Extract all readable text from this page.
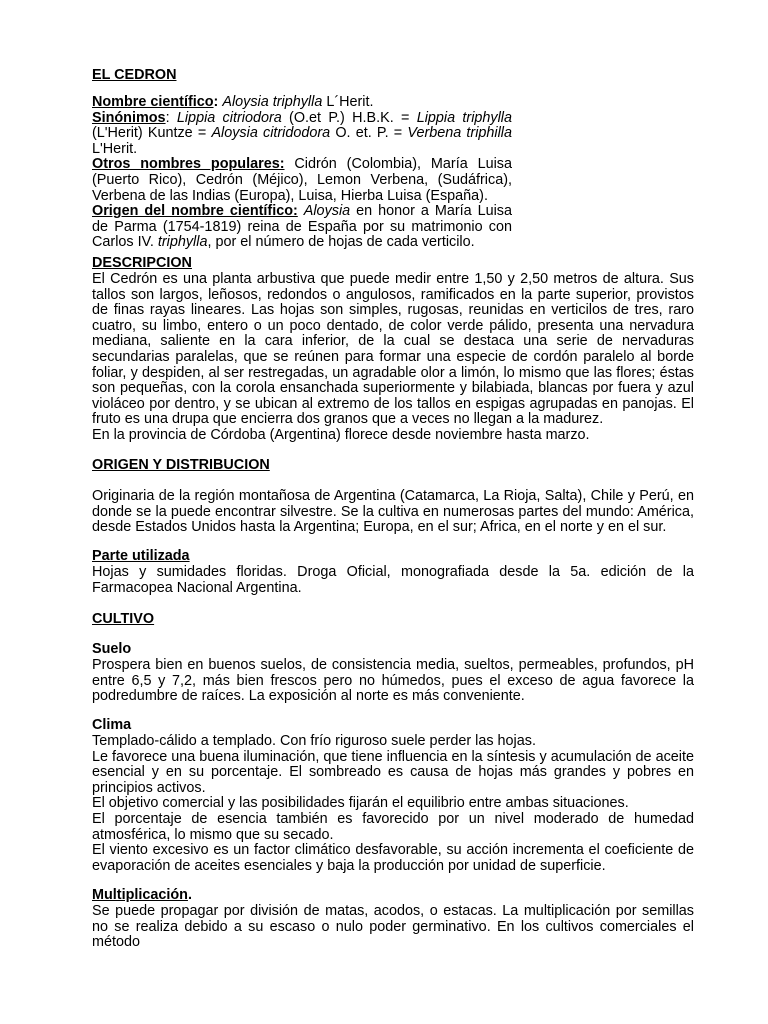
EL CEDRON

Nombre científico: Aloysia triphylla L´Herit.

Sinónimos: Lippia citriodora (O.et P.) H.B.K. = Lippia triphylla (L'Herit) Kuntze = Aloysia citridodora O. et. P. = Verbena triphilla L'Herit.

Otros nombres populares: Cidrón (Colombia), María Luisa (Puerto Rico), Cedrón (Méjico), Lemon Verbena, (Sudáfrica), Verbena de las Indias (Europa), Luisa, Hierba Luisa (España).

Origen del nombre científico: Aloysia en honor a María Luisa de Parma (1754-1819) reina de España por su matrimonio con Carlos IV. triphylla, por el número de hojas de cada verticilo.

DESCRIPCION

El Cedrón es una planta arbustiva que puede medir entre 1,50 y 2,50 metros de altura. Sus tallos son largos, leñosos, redondos o angulosos, ramificados en la parte superior, provistos de finas rayas lineares. Las hojas son simples, rugosas, reunidas en verticilos de tres, raro cuatro, su limbo, entero o un poco dentado, de color verde pálido, presenta una nervadura mediana, saliente en la cara inferior, de la cual se destaca una serie de nervaduras secundarias paralelas, que se reúnen para formar una especie de cordón paralelo al borde foliar, y despiden, al ser restregadas, un agradable olor a limón, lo mismo que las flores; éstas son pequeñas, con la corola ensanchada superiormente y bilabiada, blancas por fuera y azul violáceo por dentro, y se ubican al extremo de los tallos en espigas agrupadas en panojas. El fruto es una drupa que encierra dos granos que a veces no llegan a la madurez.

En la provincia de Córdoba (Argentina) florece desde noviembre hasta marzo.

ORIGEN Y DISTRIBUCION

Originaria de la región montañosa de Argentina (Catamarca, La Rioja, Salta), Chile y Perú, en donde se la puede encontrar silvestre. Se la cultiva en numerosas partes del mundo: América, desde Estados Unidos hasta la Argentina; Europa, en el sur; Africa, en el norte y en el sur.

Parte utilizada

Hojas y sumidades floridas. Droga Oficial, monografiada desde la 5a. edición de la Farmacopea Nacional Argentina.

CULTIVO

Suelo

Prospera bien en buenos suelos, de consistencia media, sueltos, permeables, profundos, pH entre 6,5 y 7,2, más bien frescos pero no húmedos, pues el exceso de agua favorece la podredumbre de raíces. La exposición al norte es más conveniente.

Clima

Templado-cálido a templado. Con frío riguroso suele perder las hojas.

Le favorece una buena iluminación, que tiene influencia en la síntesis y acumulación de aceite esencial y en su porcentaje. El sombreado es causa de hojas más grandes y pobres en principios activos.

El objetivo comercial y las posibilidades fijarán el equilibrio entre ambas situaciones.

El porcentaje de esencia también es favorecido por un nivel moderado de humedad atmosférica, lo mismo que su secado.

El viento excesivo es un factor climático desfavorable, su acción incrementa el coeficiente de evaporación de aceites esenciales y baja la producción por unidad de superficie.

Multiplicación.

Se puede propagar por división de matas, acodos, o estacas. La multiplicación por semillas no se realiza debido a su escaso o nulo poder germinativo. En los cultivos comerciales el método
